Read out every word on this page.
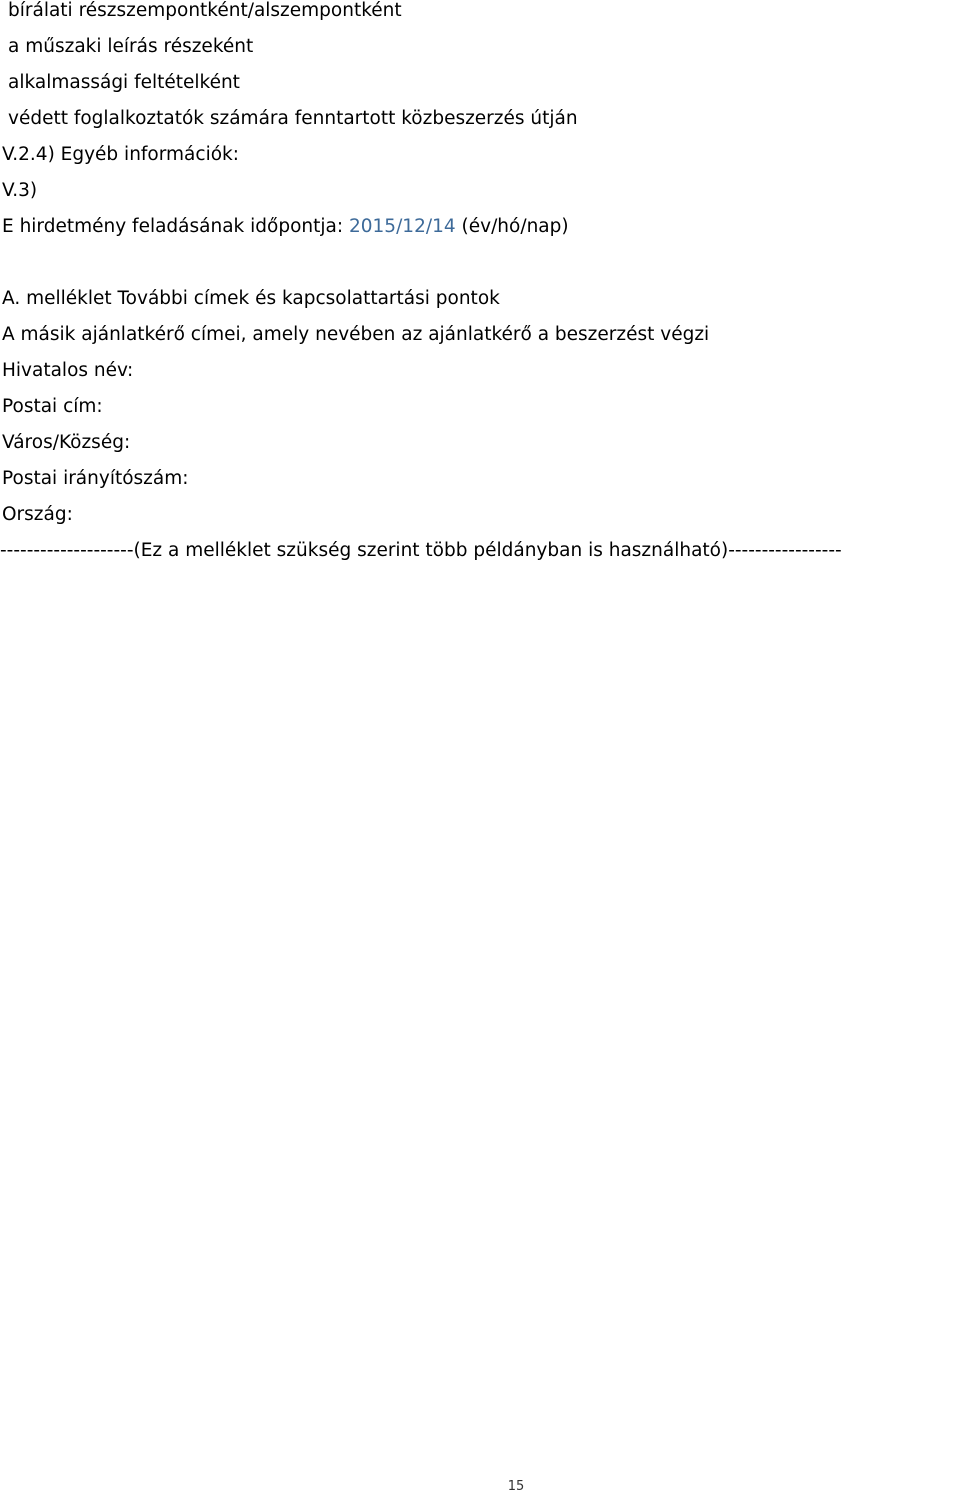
bírálati részszempontként/alszempontként
a műszaki leírás részeként
alkalmassági feltételként
védett foglalkoztatók számára fenntartott közbeszerzés útján
V.2.4) Egyéb információk:
V.3)
E hirdetmény feladásának időpontja: 2015/12/14 (év/hó/nap)
A. melléklet További címek és kapcsolattartási pontok
A másik ajánlatkérő címei, amely nevében az ajánlatkérő a beszerzést végzi
Hivatalos név:
Postai cím:
Város/Község:
Postai irányítószám:
Ország:
--------------------(Ez a melléklet szükség szerint több példányban is használható)-----------------
15
